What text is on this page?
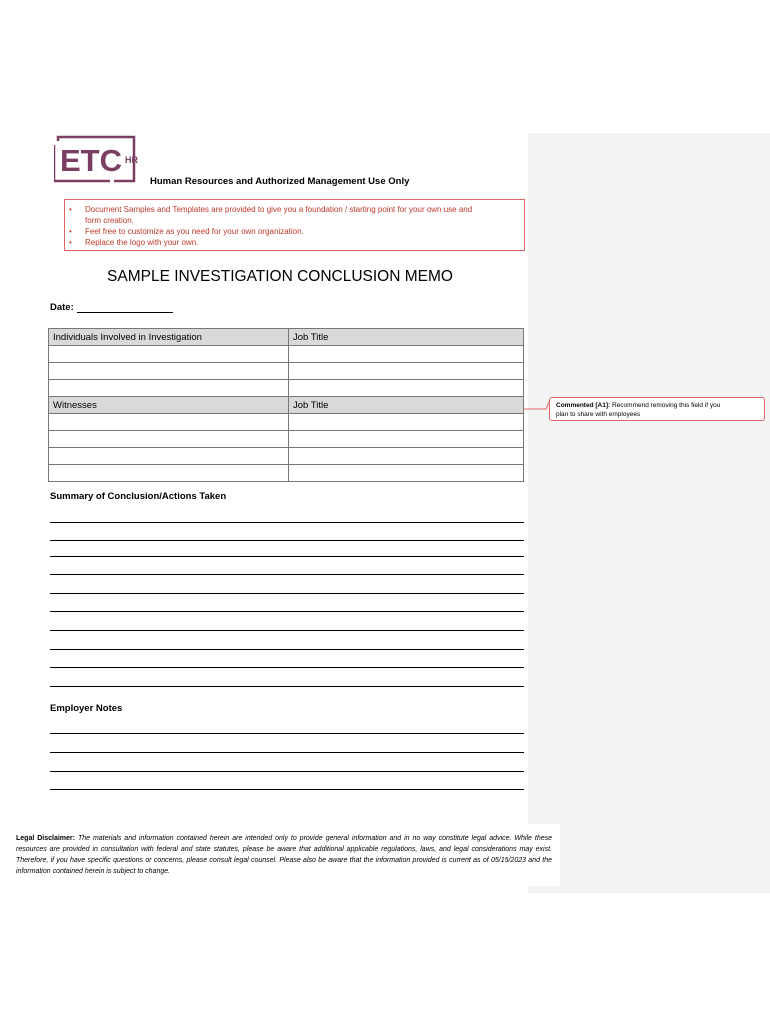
ETC HR
Human Resources and Authorized Management Use Only
• Document Samples and Templates are provided to give you a foundation / starting point for your own use and
form creation.
• Feel free to customize as you need for your own organization.
• Replace the logo with your own.
SAMPLE INVESTIGATION CONCLUSION MEMO
Date:
Individuals Involved in Investigation	Job Title

Witnesses	Job Title

		Commented [A1]: Recommend removing this field if you
plan to share with employees
Summary of Conclusion/Actions Taken
Employer Notes
Legal Disclaimer: The materials and information contained herein are intended only to provide general information and in no way constitute legal advice. While these resources are provided in consultation with federal and state statutes, please be aware that additional applicable regulations, laws, and legal considerations may exist. Therefore, if you have specific questions or concerns, please consult legal counsel. Please also be aware that the information provided is current as of 05/15/2023 and the information contained herein is subject to change.
